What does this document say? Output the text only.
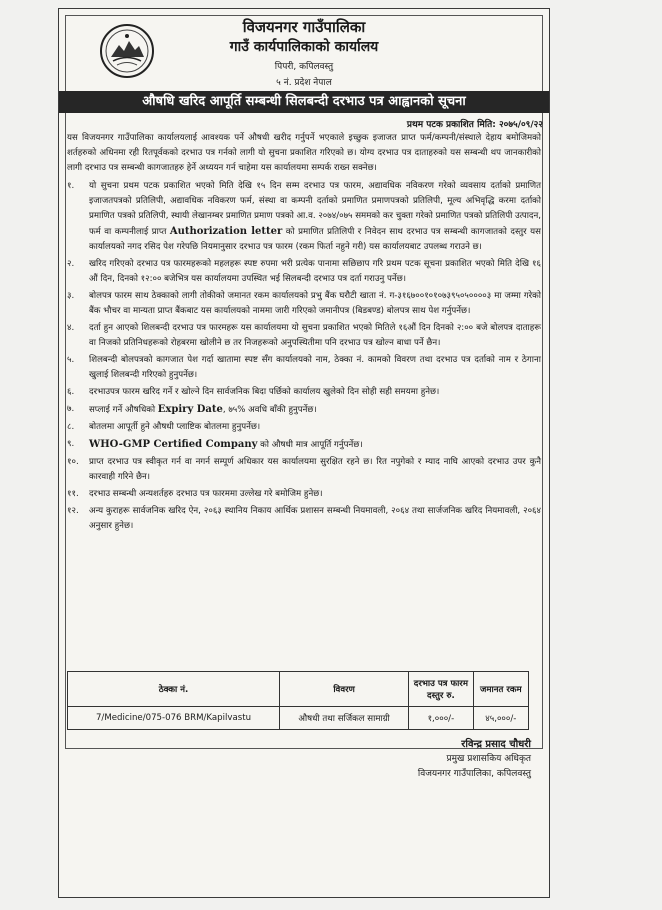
विजयनगर गाउँपालिका
गाउँ कार्यपालिकाको कार्यालय
पिपरी, कपिलवस्तु
५ नं. प्रदेश नेपाल
औषधि खरिद आपूर्ति सम्बन्धी सिलबन्दी दरभाउ पत्र आह्वानको सूचना
प्रथम पटक प्रकाशित मिति: २०७५/०९/२२

यस विजयनगर गाउँपालिका कार्यालयलाई आवश्यक पर्ने औषधी खरीद गर्नुपर्ने भएकाले इच्छुक इजाजत प्राप्त फर्म/कम्पनी/संस्थाले देहाय बमोजिमको शर्तहरुको अधिनमा रही रितपूर्वकको दरभाउ पत्र गर्नको लागी यो सुचना प्रकाशित गरिएको छ। योग्य दरभाउ पत्र दाताहरुको यस सम्बन्धी थप जानकारीको लागी दरभाउ पत्र सम्बन्धी कागजातहरु हेर्ने अध्ययन गर्न चाहेमा यस कार्यालयमा सम्पर्क राख्न सक्नेछ।

१.	यो सुचना प्रथम पटक प्रकाशित भएको मिति देखि १५ दिन सम्म दरभाउ पत्र फारम, अद्यावधिक नविकरण गरेको व्यवसाय दर्ताको प्रमाणित इजाजतपत्रको प्रतिलिपी, अद्यावधिक नविकरण फर्म, संस्था वा कम्पनी दर्ताको प्रमाणित प्रमाणपत्रको प्रतिलिपी, मूल्य अभिवृद्धि करमा दर्ताको प्रमाणित पत्रको प्रतिलिपी, स्थायी लेखानम्बर प्रमाणित प्रमाण पत्रको आ.व. २०७४/०७५ सममको कर चुक्ता गरेको प्रमाणित पत्रको प्रतिलिपी उत्पादन, फर्म वा कम्पनीलाई प्राप्त Authorization letter को प्रमाणित प्रतिलिपी र निवेदन साथ दरभाउ पत्र सम्बन्धी कागजातको दस्तुर यस कार्यालयको नगद रसिद पेश गरेपछि नियमानुसार दरभाउ पत्र फारम (रकम फिर्ता नहुने गरी) यस कार्यालयबाट उपलब्ध गराउने छ।
२.	खरिद गरिएको दरभाउ पत्र फारमहरूको महलहरू स्पष्ट रुपमा भरी प्रत्येक पानामा सछिछाप गरि प्रथम पटक सूचना प्रकाशित भएको मिति देखि १६ औं दिन, दिनको १२:०० बजेभित्र यस कार्यालयमा उपस्थित भई सिलबन्दी दरभाउ पत्र दर्ता गराउनु पर्नेछ।
३.	बोलपत्र फारम साथ ठेक्काको लागी तोकीको जमानत रकम कार्यालयको प्रभु बैंक घरौटी खाता नं. ग-३१६७००१०१०७३९५०५००००३ मा जम्मा गरेको बैंक भौचर वा मान्यता प्राप्त बैंकबाट यस कार्यालयको नाममा जारी गरिएको जमानीपत्र (बिडबण्ड) बोलपत्र साथ पेश गर्नुपर्नेछ।
४.	दर्ता हुन आएको शिलबन्दी दरभाउ पत्र फारमहरू यस कार्यालयमा यो सुचना प्रकाशित भएको मितिले १६औं दिन दिनको २:०० बजे बोलपत्र दाताहरू वा निजको प्रतिनिधहरूको रोहबरमा खोलीने छ तर निजहरूको अनुपस्थितीमा पनि दरभाउ पत्र खोल्न बाधा पर्ने छैन।
५.	शिलबन्दी बोलपत्रको कागजात पेश गर्दा खातामा स्पष्ट सँग कार्यालयको नाम, ठेक्का नं. कामको विवरण तथा दरभाउ पत्र दर्ताको नाम र ठेगाना खुलाई शिलबन्दी गरिएको हुनुपर्नेछ।
६.	दरभाउपत्र फारम खरिद गर्ने र खोल्ने दिन सार्वजनिक बिदा पर्छिको कार्यालय खुलेको दिन सोही सही समयमा हुनेछ।
७.	सप्लाई गर्ने औषधिको Expiry Date, ७५% अवधि बाँकी हुनुपर्नेछ।
८.	बोतलमा आपूर्ती हुने औषधी प्लाष्टिक बोतलमा हुनुपर्नेछ।
९.	WHO-GMP Certified Company को औषधी मात्र आपूर्ति गर्नुपर्नेछ।
१०.	प्राप्त दरभाउ पत्र स्वीकृत गर्न वा नगर्न सम्पूर्ण अधिकार यस कार्यालयमा सुरक्षित रहने छ। रित नपुगेको र म्याद नाघि आएको दरभाउ उपर कुनै कारवाही गरिने छैन।
११.	दरभाउ सम्बन्धी अन्यशर्तहरु दरभाउ पत्र फारममा उल्लेख गरे बमोजिम हुनेछ।
१२.	अन्य कुराहरू सार्वजनिक खरिद ऐन, २०६३ स्थानिय निकाय आर्थिक प्रशासन सम्बन्धी नियमावली, २०६४ तथा सार्जजनिक खरिद नियमावली, २०६४ अनुसार हुनेछ।
ठेक्का नं.	विवरण	दरभाउ पत्र फारम दस्तुर रु.	जमानत रकम
7/Medicine/075-076 BRM/Kapilvastu	औषधी तथा सर्जिकल सामाग्री	१,०००/-	४५,०००/-
रविन्द्र प्रसाद चौधरी
प्रमुख प्रशासकिय अधिकृत
विजयनगर गाउँपालिका, कपिलवस्तु
